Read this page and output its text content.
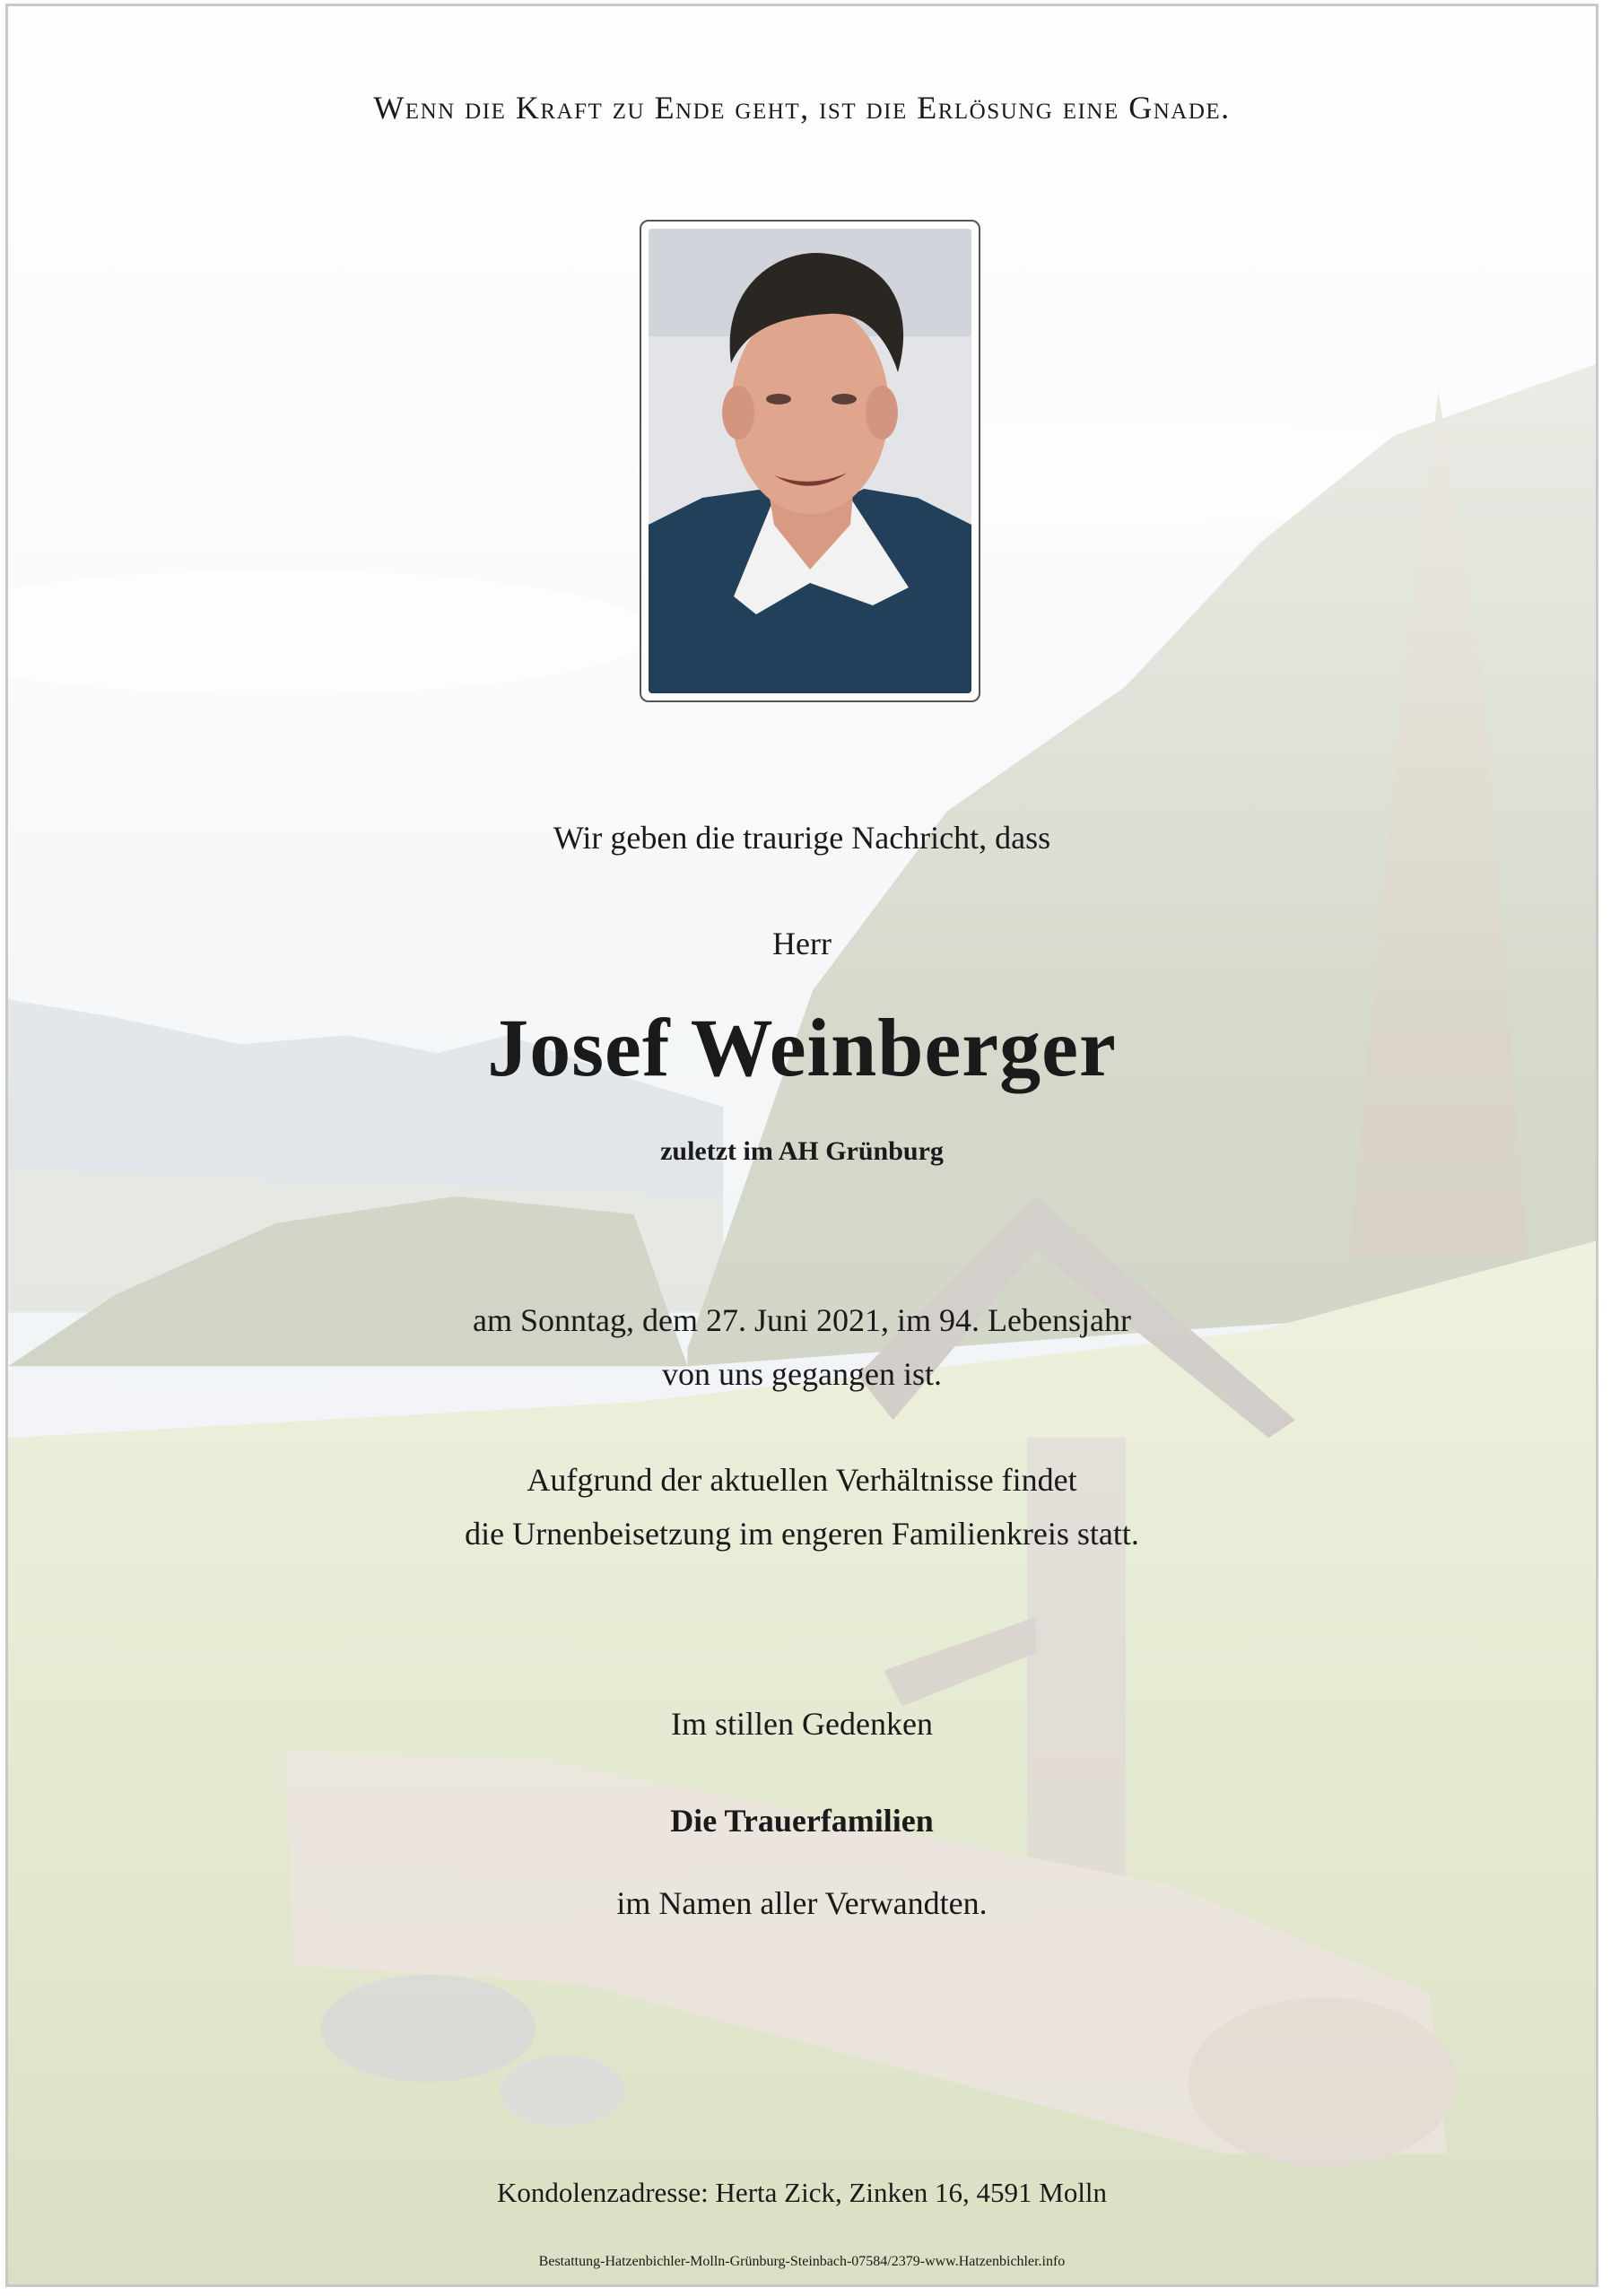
Wenn die Kraft zu Ende geht, ist die Erlösung eine Gnade.
Wir geben die traurige Nachricht, dass
Herr
Josef Weinberger
zuletzt im AH Grünburg
am Sonntag, dem 27. Juni 2021, im 94. Lebensjahr
von uns gegangen ist.
Aufgrund der aktuellen Verhältnisse findet
die Urnenbeisetzung im engeren Familienkreis statt.
Im stillen Gedenken
Die Trauerfamilien
im Namen aller Verwandten.
Kondolenzadresse: Herta Zick, Zinken 16, 4591 Molln
Bestattung-Hatzenbichler-Molln-Grünburg-Steinbach-07584/2379-www.Hatzenbichler.info
